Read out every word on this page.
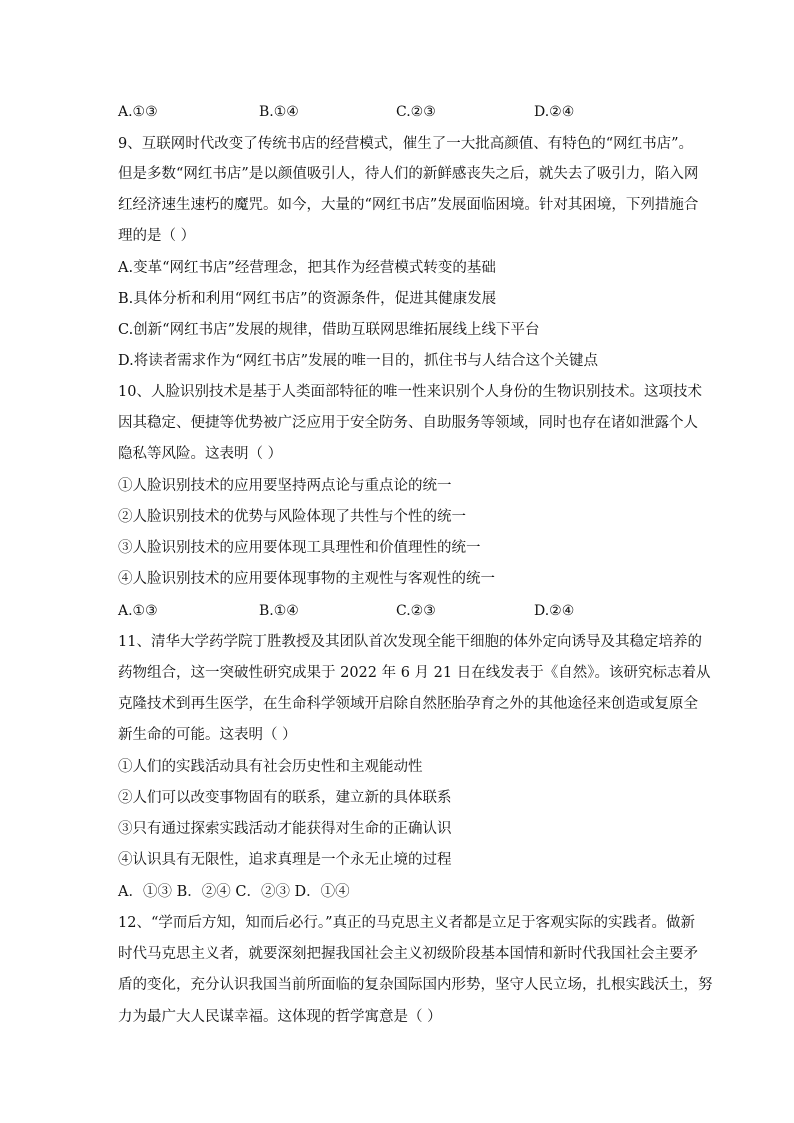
A.①③	B.①④	C.②③	D.②④
9、互联网时代改变了传统书店的经营模式，催生了一大批高颜值、有特色的“网红书店”。
但是多数“网红书店”是以颜值吸引人，待人们的新鲜感丧失之后，就失去了吸引力，陷入网
红经济速生速朽的魔咒。如今，大量的“网红书店”发展面临困境。针对其困境，下列措施合
理的是（ ）
A.变革“网红书店”经营理念，把其作为经营模式转变的基础
B.具体分析和利用“网红书店”的资源条件，促进其健康发展
C.创新“网红书店”发展的规律，借助互联网思维拓展线上线下平台
D.将读者需求作为“网红书店”发展的唯一目的，抓住书与人结合这个关键点
10、人脸识别技术是基于人类面部特征的唯一性来识别个人身份的生物识别技术。这项技术
因其稳定、便捷等优势被广泛应用于安全防务、自助服务等领域，同时也存在诸如泄露个人
隐私等风险。这表明（ ）
①人脸识别技术的应用要坚持两点论与重点论的统一
②人脸识别技术的优势与风险体现了共性与个性的统一
③人脸识别技术的应用要体现工具理性和价值理性的统一
④人脸识别技术的应用要体现事物的主观性与客观性的统一
A.①③	B.①④	C.②③	D.②④
11、清华大学药学院丁胜教授及其团队首次发现全能干细胞的体外定向诱导及其稳定培养的
药物组合，这一突破性研究成果于 2022 年 6 月 21 日在线发表于《自然》。该研究标志着从
克隆技术到再生医学，在生命科学领域开启除自然胚胎孕育之外的其他途径来创造或复原全
新生命的可能。这表明（ ）
①人们的实践活动具有社会历史性和主观能动性
②人们可以改变事物固有的联系，建立新的具体联系
③只有通过探索实践活动才能获得对生命的正确认识
④认识具有无限性，追求真理是一个永无止境的过程
A．①③ B．②④ C．②③ D．①④
12、“学而后方知，知而后必行。”真正的马克思主义者都是立足于客观实际的实践者。做新
时代马克思主义者，就要深刻把握我国社会主义初级阶段基本国情和新时代我国社会主要矛
盾的变化，充分认识我国当前所面临的复杂国际国内形势，坚守人民立场，扎根实践沃土，努
力为最广大人民谋幸福。这体现的哲学寓意是（ ）
